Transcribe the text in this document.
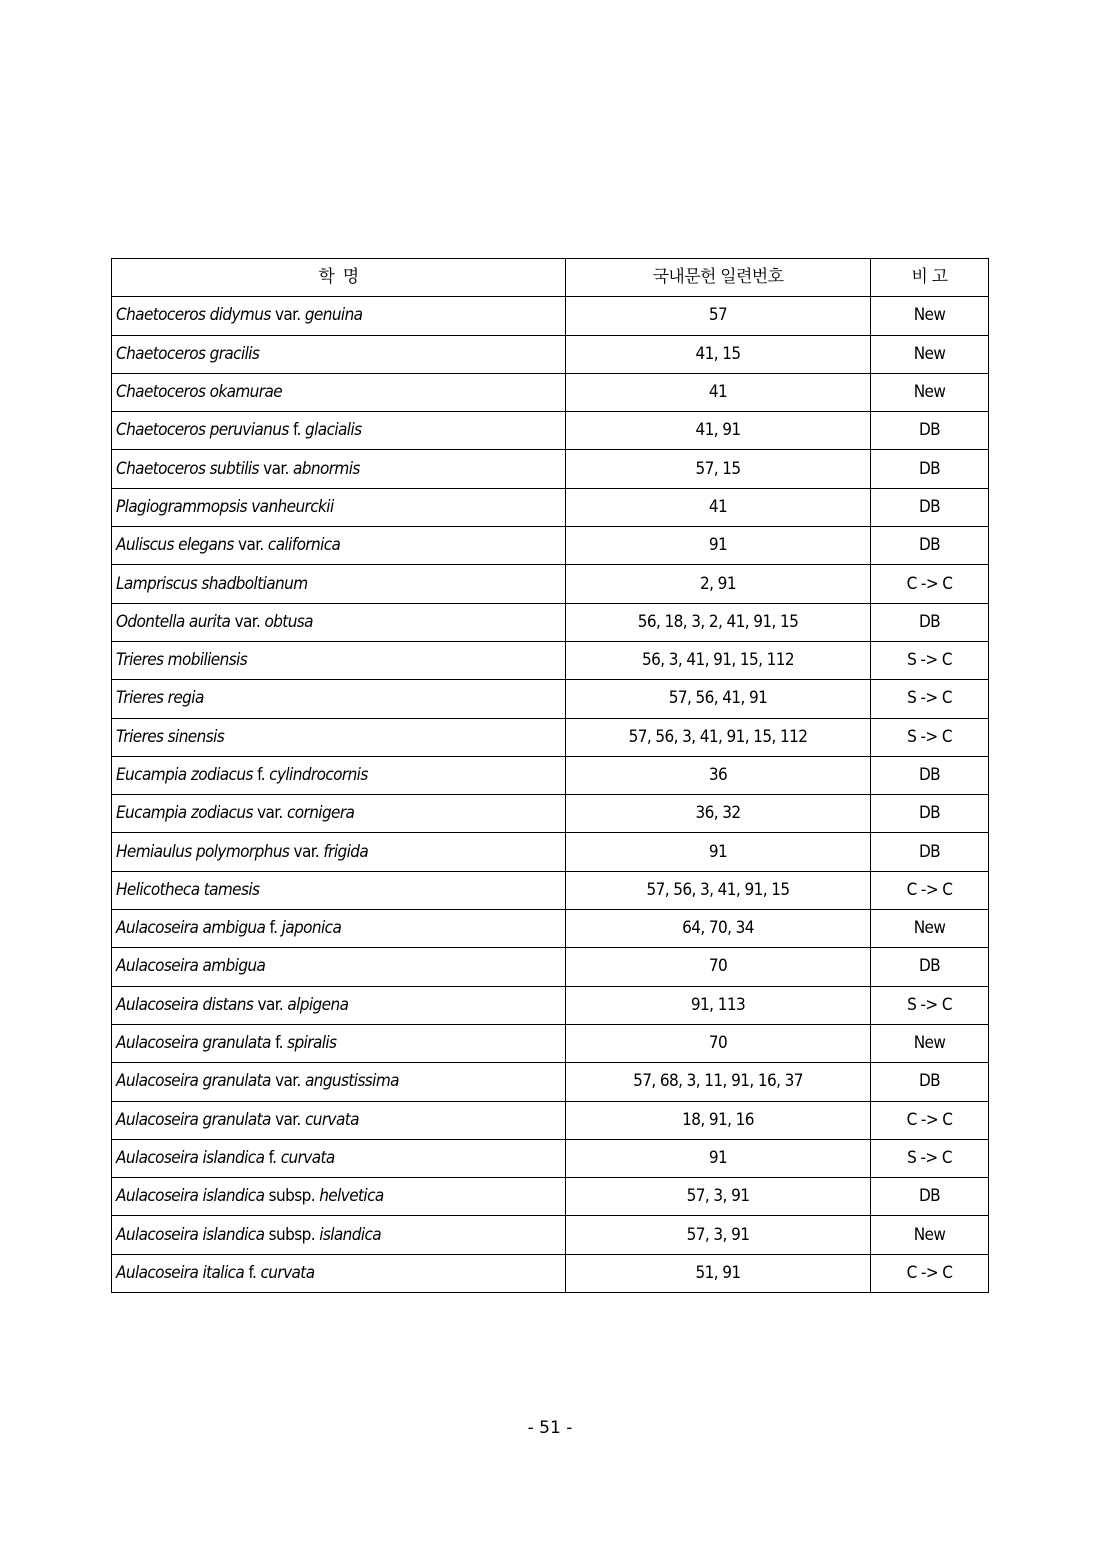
학  명	국내문헌 일련번호	비 고
Chaetoceros didymus var. genuina	57	New
Chaetoceros gracilis	41, 15	New
Chaetoceros okamurae	41	New
Chaetoceros peruvianus f. glacialis	41, 91	DB
Chaetoceros subtilis var. abnormis	57, 15	DB
Plagiogrammopsis vanheurckii	41	DB
Auliscus elegans var. californica	91	DB
Lampriscus shadboltianum	2, 91	C -> C
Odontella aurita var. obtusa	56, 18, 3, 2, 41, 91, 15	DB
Trieres mobiliensis	56, 3, 41, 91, 15, 112	S -> C
Trieres regia	57, 56, 41, 91	S -> C
Trieres sinensis	57, 56, 3, 41, 91, 15, 112	S -> C
Eucampia zodiacus f. cylindrocornis	36	DB
Eucampia zodiacus var. cornigera	36, 32	DB
Hemiaulus polymorphus var. frigida	91	DB
Helicotheca tamesis	57, 56, 3, 41, 91, 15	C -> C
Aulacoseira ambigua f. japonica	64, 70, 34	New
Aulacoseira ambigua	70	DB
Aulacoseira distans var. alpigena	91, 113	S -> C
Aulacoseira granulata f. spiralis	70	New
Aulacoseira granulata var. angustissima	57, 68, 3, 11, 91, 16, 37	DB
Aulacoseira granulata var. curvata	18, 91, 16	C -> C
Aulacoseira islandica f. curvata	91	S -> C
Aulacoseira islandica subsp. helvetica	57, 3, 91	DB
Aulacoseira islandica subsp. islandica	57, 3, 91	New
Aulacoseira italica f. curvata	51, 91	C -> C
- 51 -
